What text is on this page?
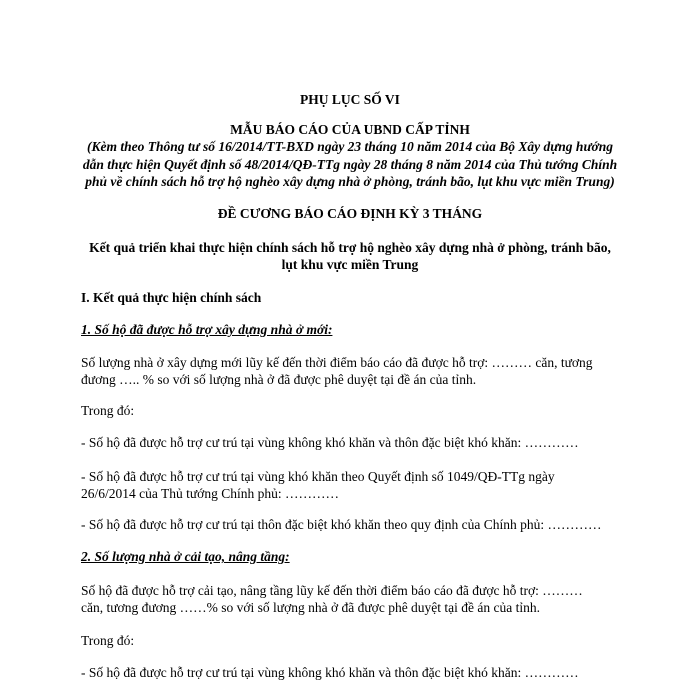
PHỤ LỤC SỐ VI
MẪU BÁO CÁO CỦA UBND CẤP TỈNH
(Kèm theo Thông tư số 16/2014/TT-BXD ngày 23 tháng 10 năm 2014 của Bộ Xây dựng hướng
dẫn thực hiện Quyết định số 48/2014/QĐ-TTg ngày 28 tháng 8 năm 2014 của Thủ tướng Chính
phủ về chính sách hỗ trợ hộ nghèo xây dựng nhà ở phòng, tránh bão, lụt khu vực miền Trung)
ĐỀ CƯƠNG BÁO CÁO ĐỊNH KỲ 3 THÁNG
Kết quả triển khai thực hiện chính sách hỗ trợ hộ nghèo xây dựng nhà ở phòng, tránh bão,
lụt khu vực miền Trung
I. Kết quả thực hiện chính sách
1. Số hộ đã được hỗ trợ xây dựng nhà ở mới:
Số lượng nhà ở xây dựng mới lũy kế đến thời điểm báo cáo đã được hỗ trợ: ……… căn, tương
đương ….. % so với số lượng nhà ở đã được phê duyệt tại đề án của tỉnh.
Trong đó:
- Số hộ đã được hỗ trợ cư trú tại vùng không khó khăn và thôn đặc biệt khó khăn: …………
- Số hộ đã được hỗ trợ cư trú tại vùng khó khăn theo Quyết định số 1049/QĐ-TTg ngày
26/6/2014 của Thủ tướng Chính phủ: …………
- Số hộ đã được hỗ trợ cư trú tại thôn đặc biệt khó khăn theo quy định của Chính phủ: …………
2. Số lượng nhà ở cải tạo, nâng tầng:
Số hộ đã được hỗ trợ cải tạo, nâng tầng lũy kế đến thời điểm báo cáo đã được hỗ trợ: ………
căn, tương đương ……% so với số lượng nhà ở đã được phê duyệt tại đề án của tỉnh.
Trong đó:
- Số hộ đã được hỗ trợ cư trú tại vùng không khó khăn và thôn đặc biệt khó khăn: …………
